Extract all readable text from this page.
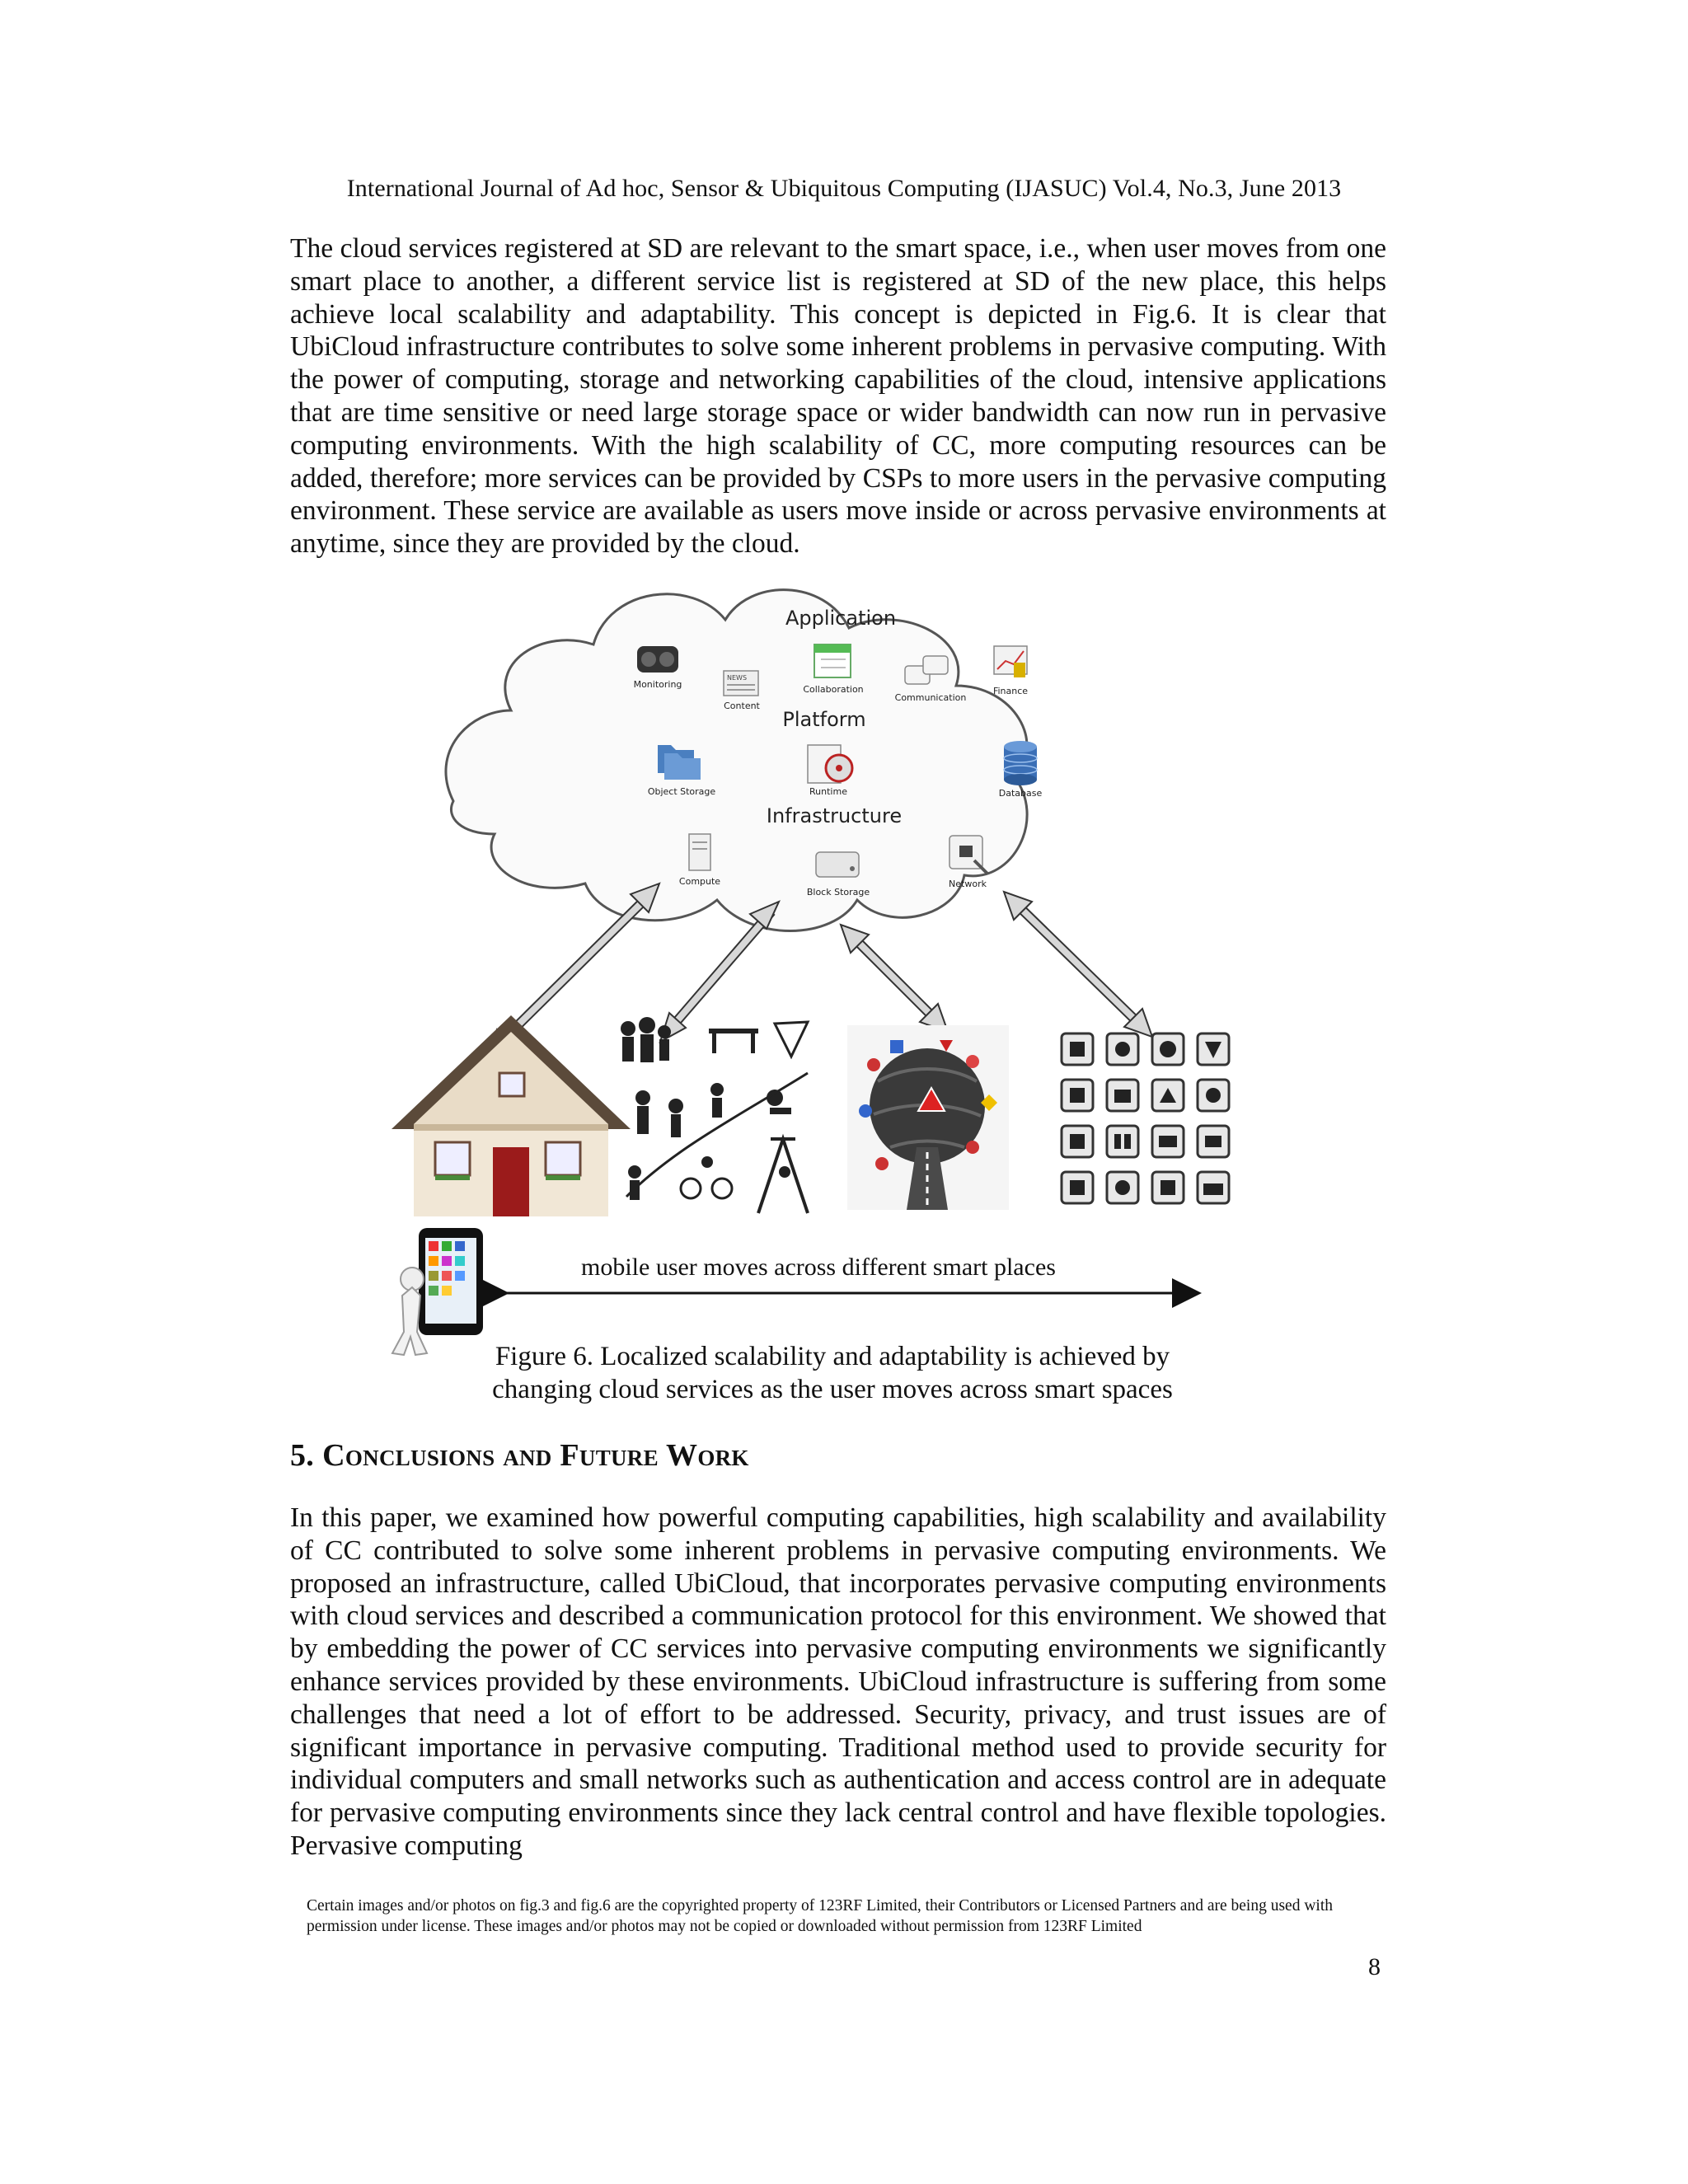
International Journal of Ad hoc, Sensor & Ubiquitous Computing (IJASUC) Vol.4, No.3, June 2013

The cloud services registered at SD are relevant to the smart space, i.e., when user moves from one smart place to another, a different service list is registered at SD of the new place, this helps achieve local scalability and adaptability. This concept is depicted in Fig.6. It is clear that UbiCloud infrastructure contributes to solve some inherent problems in pervasive computing. With the power of computing, storage and networking capabilities of the cloud, intensive applications that are time sensitive or need large storage space or wider bandwidth can now run in pervasive computing environments. With the high scalability of CC, more computing resources can be added, therefore; more services can be provided by CSPs to more users in the pervasive computing environment. These service are available as users move inside or across pervasive environments at anytime, since they are provided by the cloud.

Application
Platform
Infrastructure
Monitoring
NEWS
Content
Collaboration
Communication
Finance
Object Storage	Runtime	Database
Compute
Block Storage
Network
mobile user moves across different smart places
Figure 6. Localized scalability and adaptability is achieved by changing cloud services as the user moves across smart spaces
5. Conclusions and Future Work

In this paper, we examined how powerful computing capabilities, high scalability and availability of CC contributed to solve some inherent problems in pervasive computing environments. We proposed an infrastructure, called UbiCloud, that incorporates pervasive computing environments with cloud services and described a communication protocol for this environment. We showed that by embedding the power of CC services into pervasive computing environments we significantly enhance services provided by these environments. UbiCloud infrastructure is suffering from some challenges that need a lot of effort to be addressed. Security, privacy, and trust issues are of significant importance in pervasive computing. Traditional method used to provide security for individual computers and small networks such as authentication and access control are in adequate for pervasive computing environments since they lack central control and have flexible topologies. Pervasive computing

Certain images and/or photos on fig.3 and fig.6 are the copyrighted property of 123RF Limited, their Contributors or Licensed Partners and are being used with permission under license. These images and/or photos may not be copied or downloaded without permission from 123RF Limited

8
